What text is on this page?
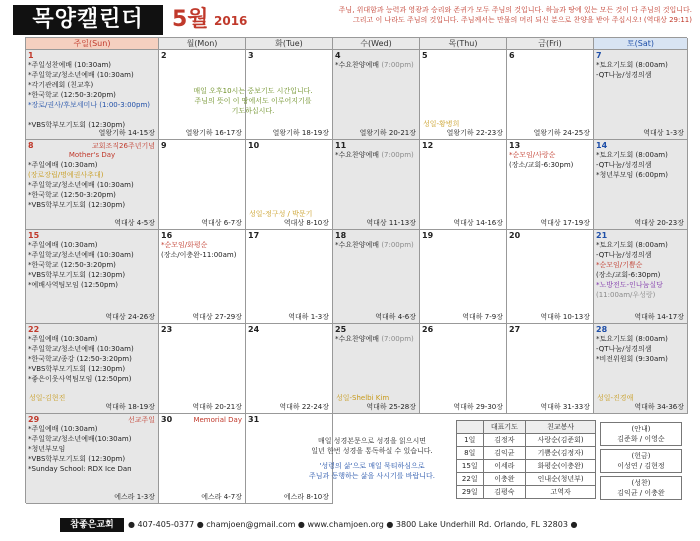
목양캘린더	5월 2016
주님, 위대함과 능력과 영광과 승리와 존귀가 모두 주님의 것입니다. 하늘과 땅에 있는 모든 것이 다 주님의 것입니다.
그리고 이 나라도 주님의 것입니다. 주님께서는 만물의 머리 되신 분으로 찬양을 받아 주십시오! (역대상 29:11)
주일(Sun)	월(Mon)	화(Tue)	수(Wed)	목(Thu)	금(Fri)	토(Sat)
1
*주일성찬예배 (10:30am)
*주일학교/청소년예배 (10:30am)
*각기관례회 (친교후)
*한국학교 (12:50-3:20pm)
*장로/권사/후보세미나 (1:00-3:00pm)
*VBS학부모기도회 (12:30pm)
열왕기하 14-15장
2
열왕기하 16-17장
매일 오후10시는 중보기도 시간입니다.
주님의 뜻이 이 땅에서도 이루어지기를
기도하십시다.
3
열왕기하 18-19장
4
*수요찬양예배 (7:00pm)
열왕기하 20-21장
5
성일-황병희
열왕기하 22-23장
6
열왕기하 24-25장
7
*토요기도회 (8:00am)
-QT나눔/성경의샘
역대상 1-3장
8	교회조직26주년기념
Mother's Day
*주일예배 (10:30am)
(장로장립/명예권사추대)
*주일학교/청소년예배 (10:30am)
*한국학교 (12:50-3:20pm)
*VBS학부모기도회 (12:30pm)
역대상 4-5장
9
역대상 6-7장
10
성일-정구성 / 박문기
역대상 8-10장
11
*수요찬양예배 (7:00pm)
역대상 11-13장
12
역대상 14-16장
13
*순모임/사랑순
(장소/교회-6:30pm)
역대상 17-19장
14
*토요기도회 (8:00am)
-QT나눔/성경의샘
*청년부모임 (6:00pm)
역대상 20-23장
15
*주일예배 (10:30am)
*주일학교/청소년예배 (10:30am)
*한국학교 (12:50-3:20pm)
*VBS학부모기도회 (12:30pm)
*예배사역팀모임 (12:50pm)
역대상 24-26장
16
*순모임/화평순
(장소/이충완-11:00am)
역대상 27-29장
17
역대하 1-3장
18
*수요찬양예배 (7:00pm)
역대하 4-6장
19
역대하 7-9장
20
역대하 10-13장
21
*토요기도회 (8:00am)
-QT나눔/성경의샘
*순모임/기쁨순
(장소/교회-6:30pm)
*노방전도-인나눔실당
(11:00am/우성랑)
역대하 14-17장
22
*주일예배 (10:30am)
*주일학교/청소년예배 (10:30am)
*한국학교/종강 (12:50-3:20pm)
*VBS학부모기도회 (12:30pm)
*좋은이웃사역팀모임 (12:50pm)
성일-김현진
역대하 18-19장
23
역대하 20-21장
24
역대하 22-24장
25
*수요찬양예배 (7:00pm)
성일-Shelbi Kim
역대하 25-28장
26
역대하 29-30장
27
역대하 31-33장
28
*토요기도회 (8:00am)
-QT나눔/성경의샘
*비전위원회 (9:30am)
성일-진경애
역대하 34-36장
29	선교주일
*주일예배 (10:30am)
*주일학교/청소년예배(10:30am)
*청년부모임
*VBS학부모기도회 (12:30pm)
*Sunday School: RDX Ice Dan
에스라 1-3장
30	Memorial Day
에스라 4-7장
31
에스라 8-10장
매일 성경본문으로 성경을 읽으시면
일년 한번 성경을 통독하실 수 있습니다.
'성령의 삶'으로 매일 묵티하심으로
주님과 동행하는 삶을 사시기를 바랍니다.
	대표기도	친교봉사
1일	김정자	사랑순(김준회)
8일	김익균	기쁨순(김정자)
15일	이세라	화평순(이충완)
22일	이충완	인내순(청년부)
29일	김평숙	고역자
(안내)
김준화 / 이영순
(헌금)
이성연 / 김현정
(성찬)
김익균 / 이충완
참좋은교회	● 407-405-0377 ● chamjoen@gmail.com ● www.chamjoen.org ● 3800 Lake Underhill Rd. Orlando, FL 32803 ●
